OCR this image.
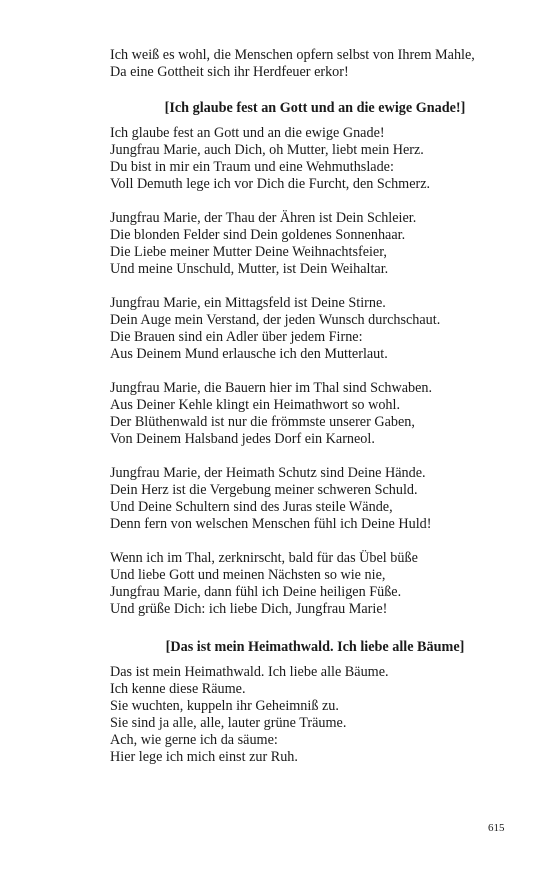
Ich weiß es wohl, die Menschen opfern selbst von Ihrem Mahle,
Da eine Gottheit sich ihr Herdfeuer erkor!
[Ich glaube fest an Gott und an die ewige Gnade!]
Ich glaube fest an Gott und an die ewige Gnade!
Jungfrau Marie, auch Dich, oh Mutter, liebt mein Herz.
Du bist in mir ein Traum und eine Wehmuthslade:
Voll Demuth lege ich vor Dich die Furcht, den Schmerz.
Jungfrau Marie, der Thau der Ähren ist Dein Schleier.
Die blonden Felder sind Dein goldenes Sonnenhaar.
Die Liebe meiner Mutter Deine Weihnachtsfeier,
Und meine Unschuld, Mutter, ist Dein Weihaltar.
Jungfrau Marie, ein Mittagsfeld ist Deine Stirne.
Dein Auge mein Verstand, der jeden Wunsch durchschaut.
Die Brauen sind ein Adler über jedem Firne:
Aus Deinem Mund erlausche ich den Mutterlaut.
Jungfrau Marie, die Bauern hier im Thal sind Schwaben.
Aus Deiner Kehle klingt ein Heimathwort so wohl.
Der Blüthenwald ist nur die frömmste unserer Gaben,
Von Deinem Halsband jedes Dorf ein Karneol.
Jungfrau Marie, der Heimath Schutz sind Deine Hände.
Dein Herz ist die Vergebung meiner schweren Schuld.
Und Deine Schultern sind des Juras steile Wände,
Denn fern von welschen Menschen fühl ich Deine Huld!
Wenn ich im Thal, zerknirscht, bald für das Übel büße
Und liebe Gott und meinen Nächsten so wie nie,
Jungfrau Marie, dann fühl ich Deine heiligen Füße.
Und grüße Dich: ich liebe Dich, Jungfrau Marie!
[Das ist mein Heimathwald. Ich liebe alle Bäume]
Das ist mein Heimathwald. Ich liebe alle Bäume.
Ich kenne diese Räume.
Sie wuchten, kuppeln ihr Geheimniß zu.
Sie sind ja alle, alle, lauter grüne Träume.
Ach, wie gerne ich da säume:
Hier lege ich mich einst zur Ruh.
615
